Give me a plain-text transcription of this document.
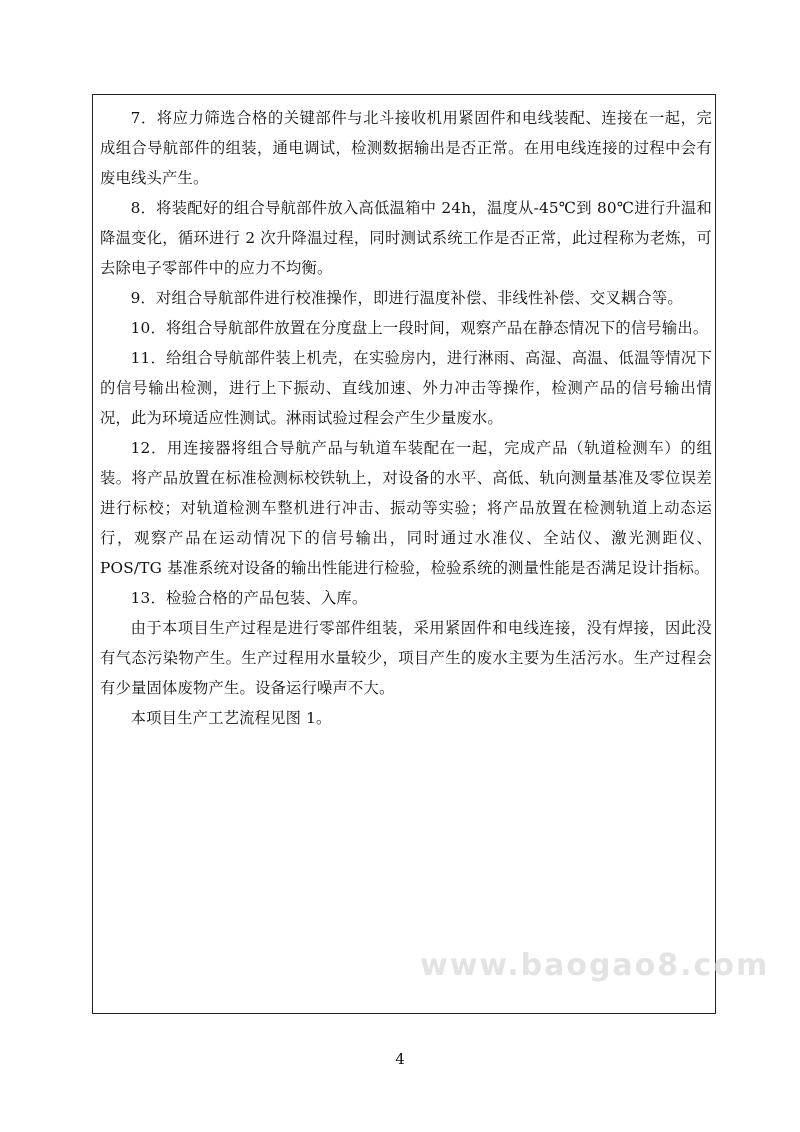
7．将应力筛选合格的关键部件与北斗接收机用紧固件和电线装配、连接在一起，完成组合导航部件的组装，通电调试，检测数据输出是否正常。在用电线连接的过程中会有废电线头产生。

8．将装配好的组合导航部件放入高低温箱中 24h，温度从-45℃到 80℃进行升温和降温变化，循环进行 2 次升降温过程，同时测试系统工作是否正常，此过程称为老炼，可去除电子零部件中的应力不均衡。

9．对组合导航部件进行校准操作，即进行温度补偿、非线性补偿、交叉耦合等。

10．将组合导航部件放置在分度盘上一段时间，观察产品在静态情况下的信号输出。

11．给组合导航部件装上机壳，在实验房内，进行淋雨、高湿、高温、低温等情况下的信号输出检测，进行上下振动、直线加速、外力冲击等操作，检测产品的信号输出情况，此为环境适应性测试。淋雨试验过程会产生少量废水。

12．用连接器将组合导航产品与轨道车装配在一起，完成产品（轨道检测车）的组装。将产品放置在标准检测标校铁轨上，对设备的水平、高低、轨向测量基准及零位误差进行标校；对轨道检测车整机进行冲击、振动等实验；将产品放置在检测轨道上动态运行，观察产品在运动情况下的信号输出，同时通过水准仪、全站仪、激光测距仪、POS/TG 基准系统对设备的输出性能进行检验，检验系统的测量性能是否满足设计指标。

13．检验合格的产品包装、入库。

由于本项目生产过程是进行零部件组装，采用紧固件和电线连接，没有焊接，因此没有气态污染物产生。生产过程用水量较少，项目产生的废水主要为生活污水。生产过程会有少量固体废物产生。设备运行噪声不大。

本项目生产工艺流程见图 1。

www.baogao8.com
4
